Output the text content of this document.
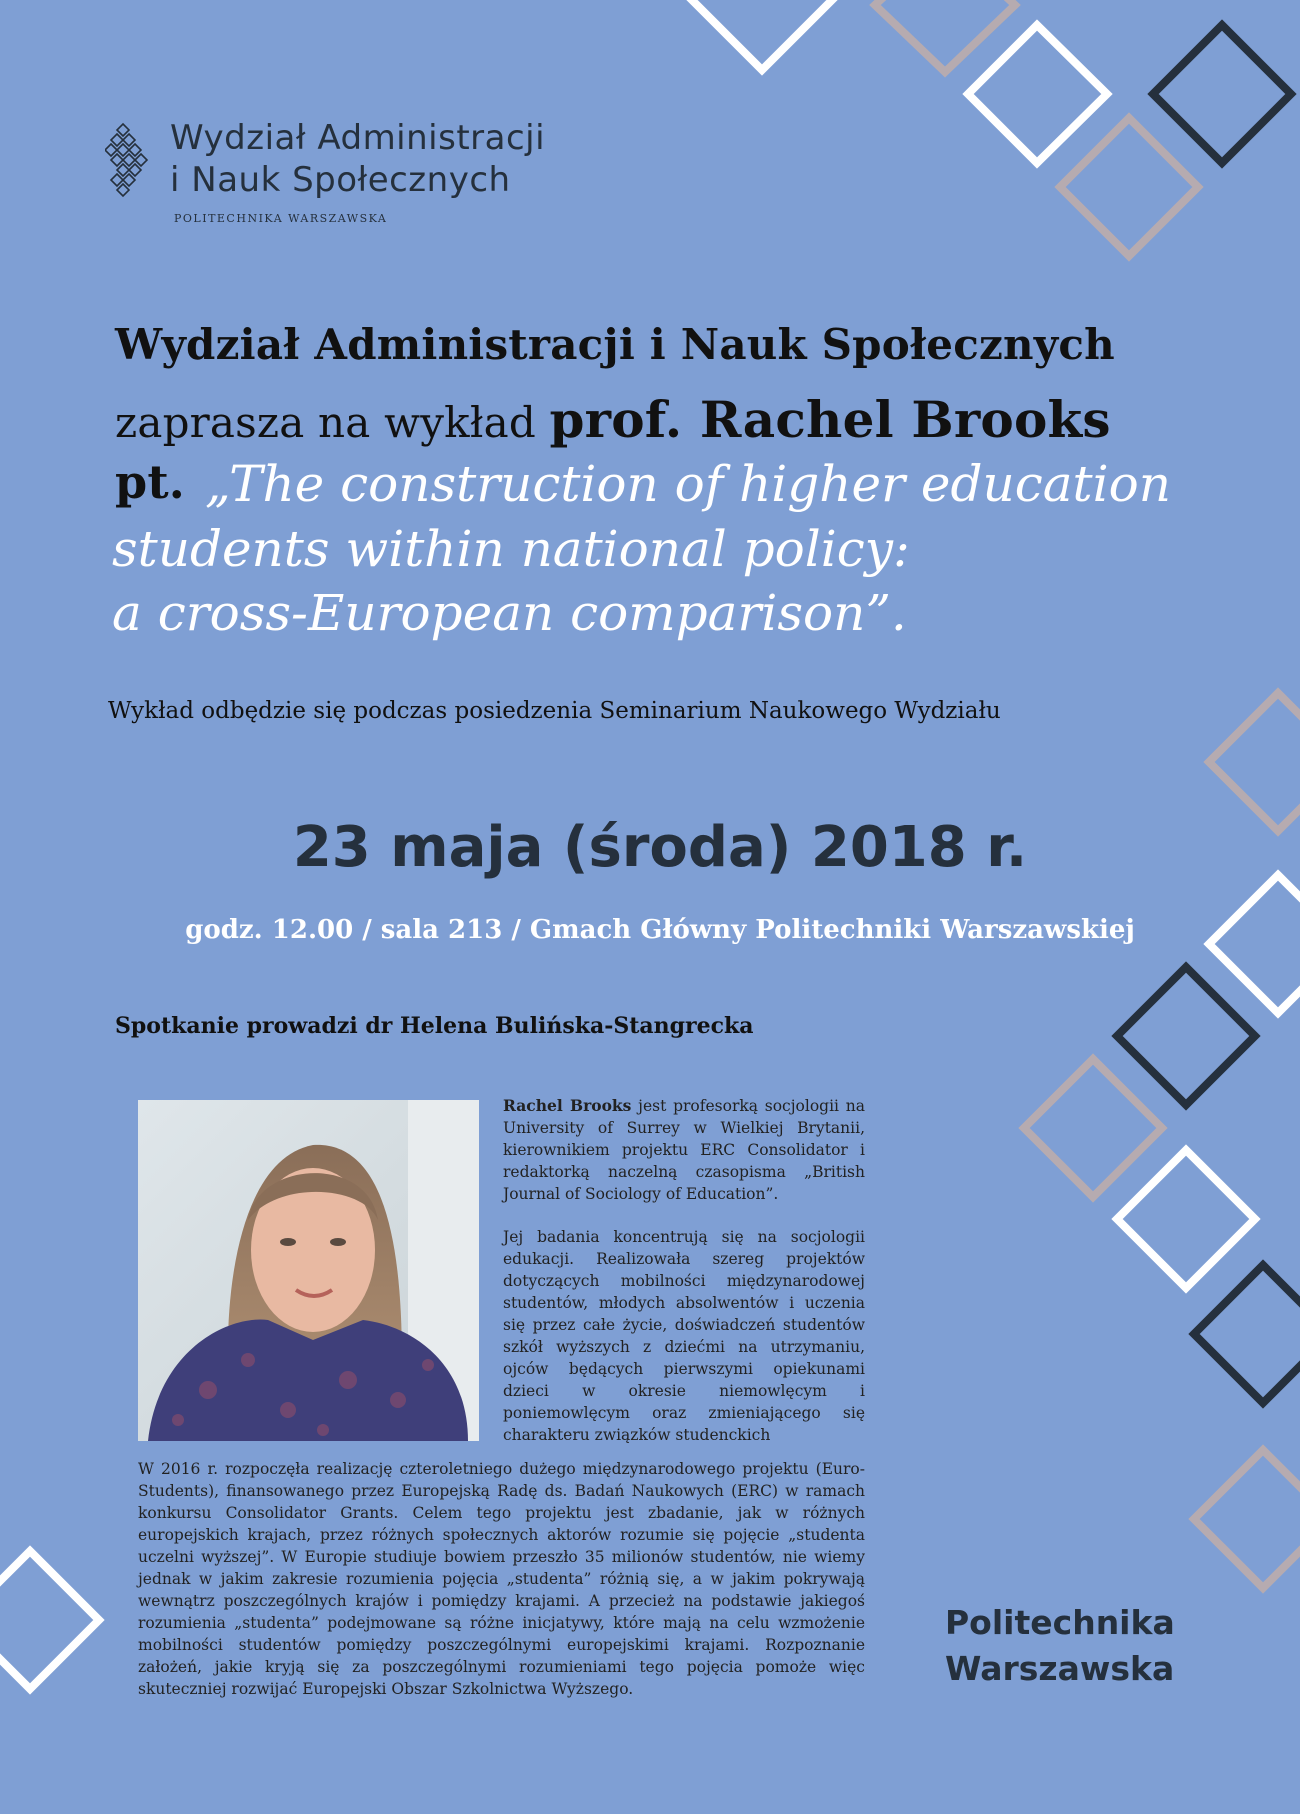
Wydział Administracji
i Nauk Społecznych
POLITECHNIKA WARSZAWSKA
Wydział Administracji i Nauk Społecznych
zaprasza na wykład prof. Rachel Brooks
pt. „The construction of higher education
students within national policy:
a cross-European comparison”.
Wykład odbędzie się podczas posiedzenia Seminarium Naukowego Wydziału
23 maja (środa) 2018 r.
godz. 12.00 / sala 213 / Gmach Główny Politechniki Warszawskiej
Spotkanie prowadzi dr Helena Bulińska-Stangrecka
Rachel Brooks jest profesorką socjologii na University of Surrey w Wielkiej Brytanii, kierownikiem projektu ERC Consolidator i redaktorką naczelną czasopisma „British Journal of Sociology of Education”.
Jej badania koncentrują się na socjologii edukacji. Realizowała szereg projektów dotyczących mobilności międzynarodowej studentów, młodych absolwentów i uczenia się przez całe życie, doświadczeń studentów szkół wyższych z dziećmi na utrzymaniu, ojców będących pierwszymi opiekunami dzieci w okresie niemowlęcym i poniemowlęcym oraz zmieniającego się charakteru związków studenckich
W 2016 r. rozpoczęła realizację czteroletniego dużego międzynarodowego projektu (Euro-Students), finansowanego przez Europejską Radę ds. Badań Naukowych (ERC) w ramach konkursu Consolidator Grants. Celem tego projektu jest zbadanie, jak w różnych europejskich krajach, przez różnych społecznych aktorów rozumie się pojęcie „studenta uczelni wyższej”. W Europie studiuje bowiem przeszło 35 milionów studentów, nie wiemy jednak w jakim zakresie rozumienia pojęcia „studenta” różnią się, a w jakim pokrywają wewnątrz poszczególnych krajów i pomiędzy krajami. A przecież na podstawie jakiegoś rozumienia „studenta” podejmowane są różne inicjatywy, które mają na celu wzmożenie mobilności studentów pomiędzy poszczególnymi europejskimi krajami. Rozpoznanie założeń, jakie kryją się za poszczególnymi rozumieniami tego pojęcia pomoże więc skuteczniej rozwijać Europejski Obszar Szkolnictwa Wyższego.
Politechnika
Warszawska
